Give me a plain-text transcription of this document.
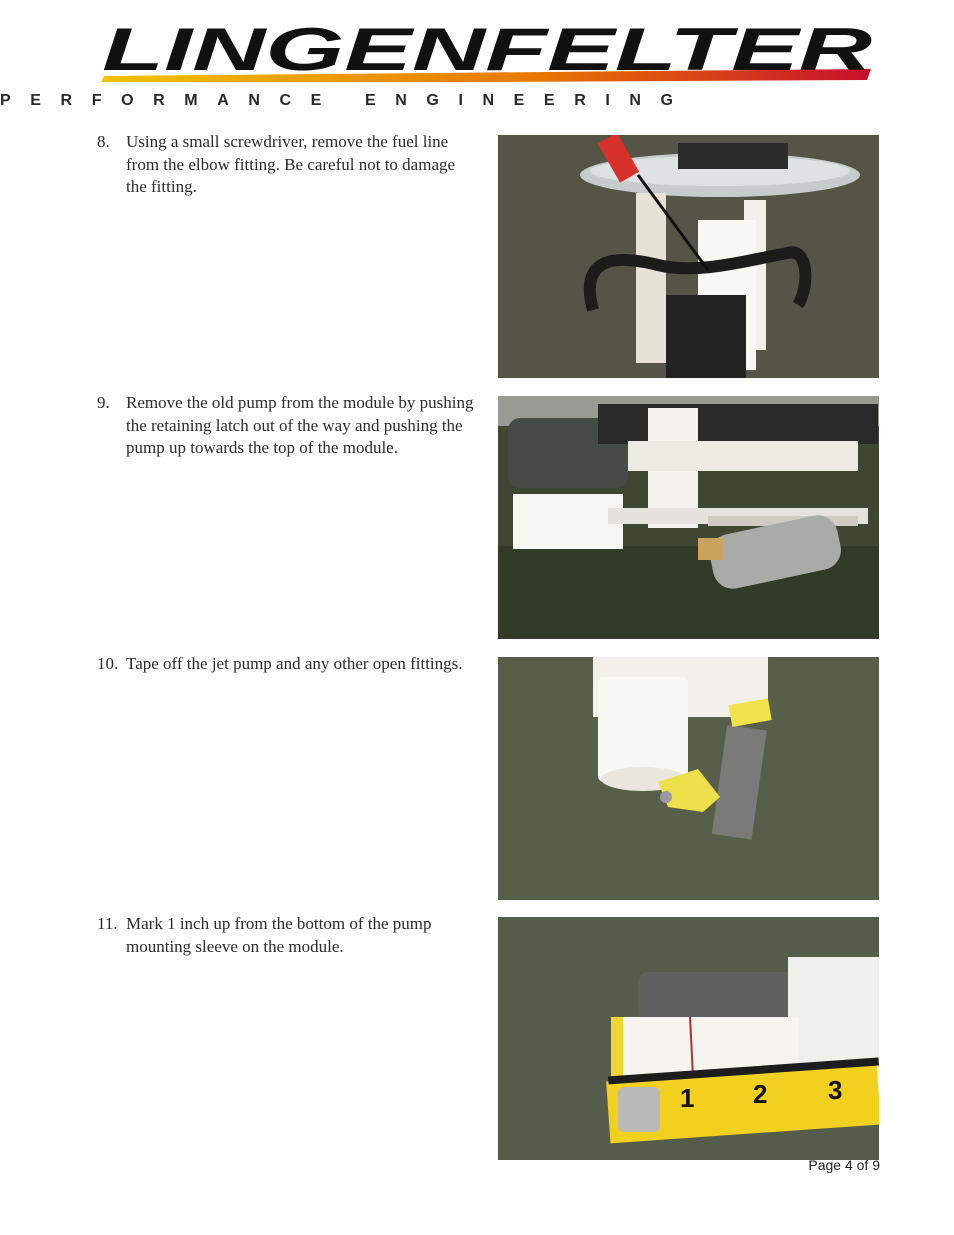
LINGENFELTER
PERFORMANCE ENGINEERING
8. Using a small screwdriver, remove the fuel line from the elbow fitting. Be careful not to damage the fitting.
9. Remove the old pump from the module by pushing the retaining latch out of the way and pushing the pump up towards the top of the module.
10. Tape off the jet pump and any other open fittings.
11. Mark 1 inch up from the bottom of the pump mounting sleeve on the module.
1 2 3
Page 4 of 9
